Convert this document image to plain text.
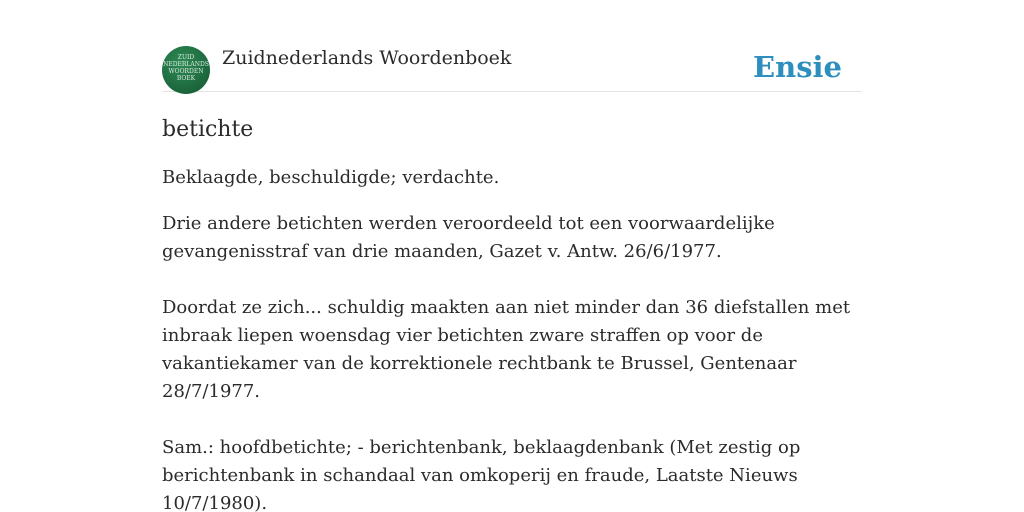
ZUID
NEDERLANDS
WOORDEN
BOEK
Zuidnederlands Woordenboek	Ensie
betichte
Beklaagde, beschuldigde; verdachte.

Drie andere betichten werden veroordeeld tot een voorwaardelijke gevangenisstraf van drie maanden, Gazet v. Antw. 26/6/1977.

Doordat ze zich... schuldig maakten aan niet minder dan 36 diefstallen met inbraak liepen woensdag vier betichten zware straffen op voor de vakantiekamer van de korrektionele rechtbank te Brussel, Gentenaar 28/7/1977.

Sam.: hoofdbetichte; - berichtenbank, beklaagdenbank (Met zestig op berichtenbank in schandaal van omkoperij en fraude, Laatste Nieuws 10/7/1980).
